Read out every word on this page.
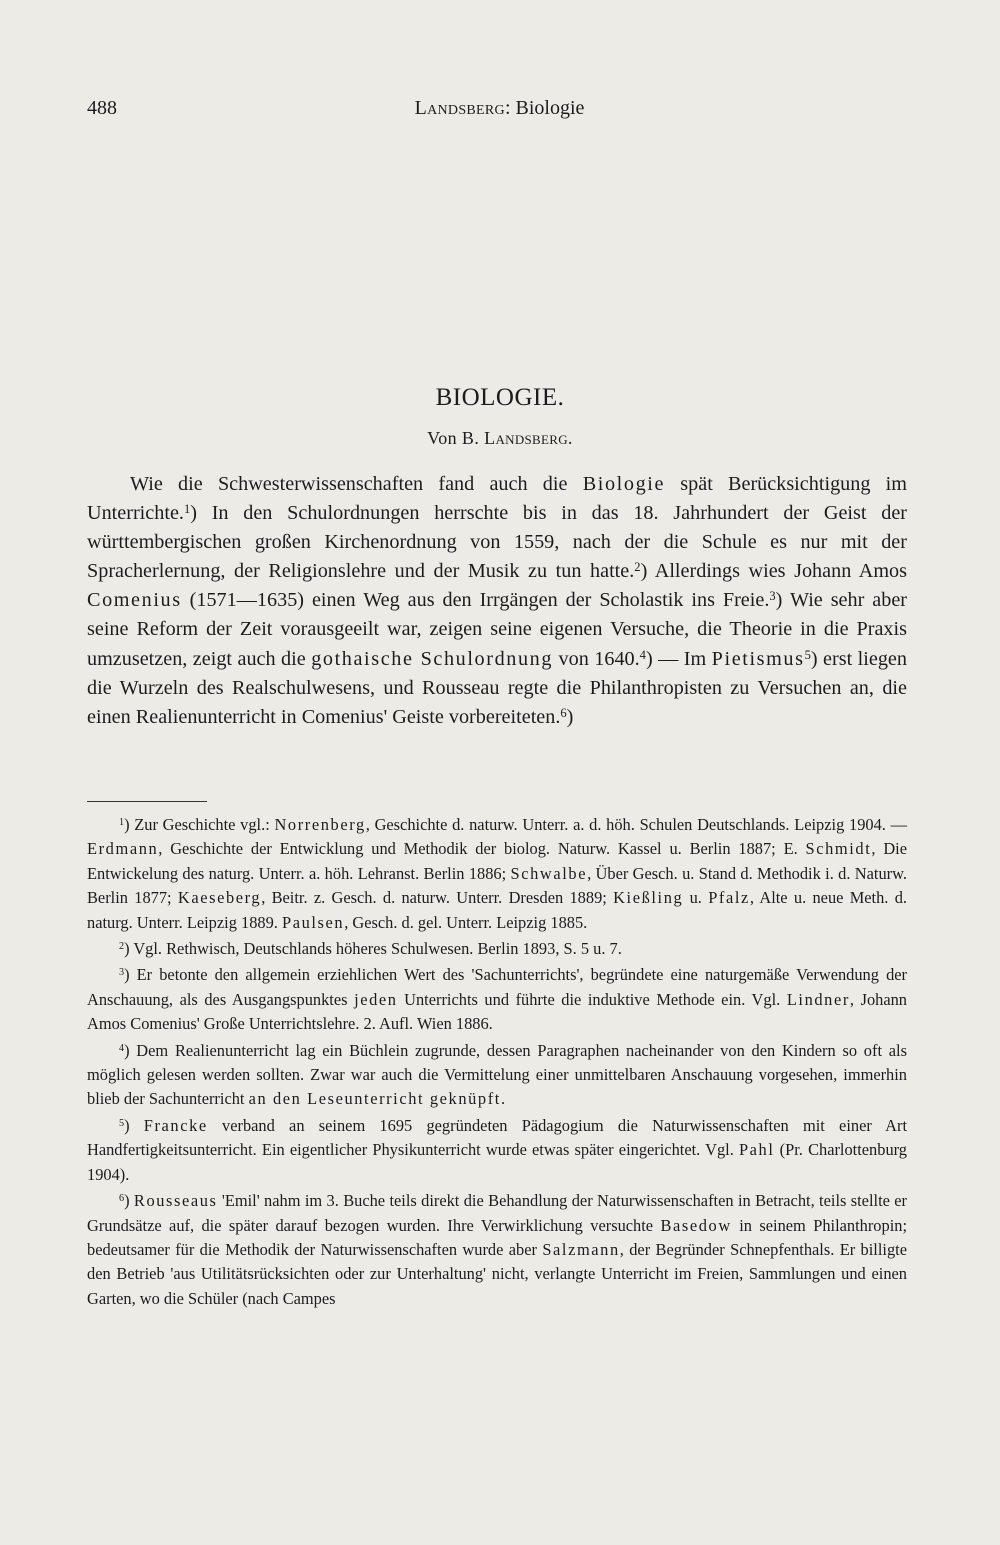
488	Landsberg: Biologie
BIOLOGIE.
Von B. Landsberg.

Wie die Schwesterwissenschaften fand auch die Biologie spät Berücksichtigung im Unterrichte.$^1$) In den Schulordnungen herrschte bis in das 18. Jahrhundert der Geist der württembergischen großen Kirchenordnung von 1559, nach der die Schule es nur mit der Spracherlernung, der Religionslehre und der Musik zu tun hatte.$^2$) Allerdings wies Johann Amos Comenius (1571—1635) einen Weg aus den Irrgängen der Scholastik ins Freie.$^3$) Wie sehr aber seine Reform der Zeit vorausgeeilt war, zeigen seine eigenen Versuche, die Theorie in die Praxis umzusetzen, zeigt auch die gothaische Schulordnung von 1640.$^4$) — Im Pietismus$^5$) erst liegen die Wurzeln des Realschulwesens, und Rousseau regte die Philanthropisten zu Versuchen an, die einen Realienunterricht in Comenius' Geiste vorbereiteten.$^6$)

$^1$) Zur Geschichte vgl.: Norrenberg, Geschichte d. naturw. Unterr. a. d. höh. Schulen Deutschlands. Leipzig 1904. — Erdmann, Geschichte der Entwicklung und Methodik der biolog. Naturw. Kassel u. Berlin 1887; E. Schmidt, Die Entwickelung des naturg. Unterr. a. höh. Lehranst. Berlin 1886; Schwalbe, Über Gesch. u. Stand d. Methodik i. d. Naturw. Berlin 1877; Kaeseberg, Beitr. z. Gesch. d. naturw. Unterr. Dresden 1889; Kießling u. Pfalz, Alte u. neue Meth. d. naturg. Unterr. Leipzig 1889. Paulsen, Gesch. d. gel. Unterr. Leipzig 1885.

$^2$) Vgl. Rethwisch, Deutschlands höheres Schulwesen. Berlin 1893, S. 5 u. 7.

$^3$) Er betonte den allgemein erziehlichen Wert des 'Sachunterrichts', begründete eine naturgemäße Verwendung der Anschauung, als des Ausgangspunktes jeden Unterrichts und führte die induktive Methode ein. Vgl. Lindner, Johann Amos Comenius' Große Unterrichtslehre. 2. Aufl. Wien 1886.

$^4$) Dem Realienunterricht lag ein Büchlein zugrunde, dessen Paragraphen nacheinander von den Kindern so oft als möglich gelesen werden sollten. Zwar war auch die Vermittelung einer unmittelbaren Anschauung vorgesehen, immerhin blieb der Sachunterricht an den Leseunterricht geknüpft.

$^5$) Francke verband an seinem 1695 gegründeten Pädagogium die Naturwissenschaften mit einer Art Handfertigkeitsunterricht. Ein eigentlicher Physikunterricht wurde etwas später eingerichtet. Vgl. Pahl (Pr. Charlottenburg 1904).

$^6$) Rousseaus 'Emil' nahm im 3. Buche teils direkt die Behandlung der Naturwissenschaften in Betracht, teils stellte er Grundsätze auf, die später darauf bezogen wurden. Ihre Verwirklichung versuchte Basedow in seinem Philanthropin; bedeutsamer für die Methodik der Naturwissenschaften wurde aber Salzmann, der Begründer Schnepfenthals. Er billigte den Betrieb 'aus Utilitätsrücksichten oder zur Unterhaltung' nicht, verlangte Unterricht im Freien, Sammlungen und einen Garten, wo die Schüler (nach Campes
